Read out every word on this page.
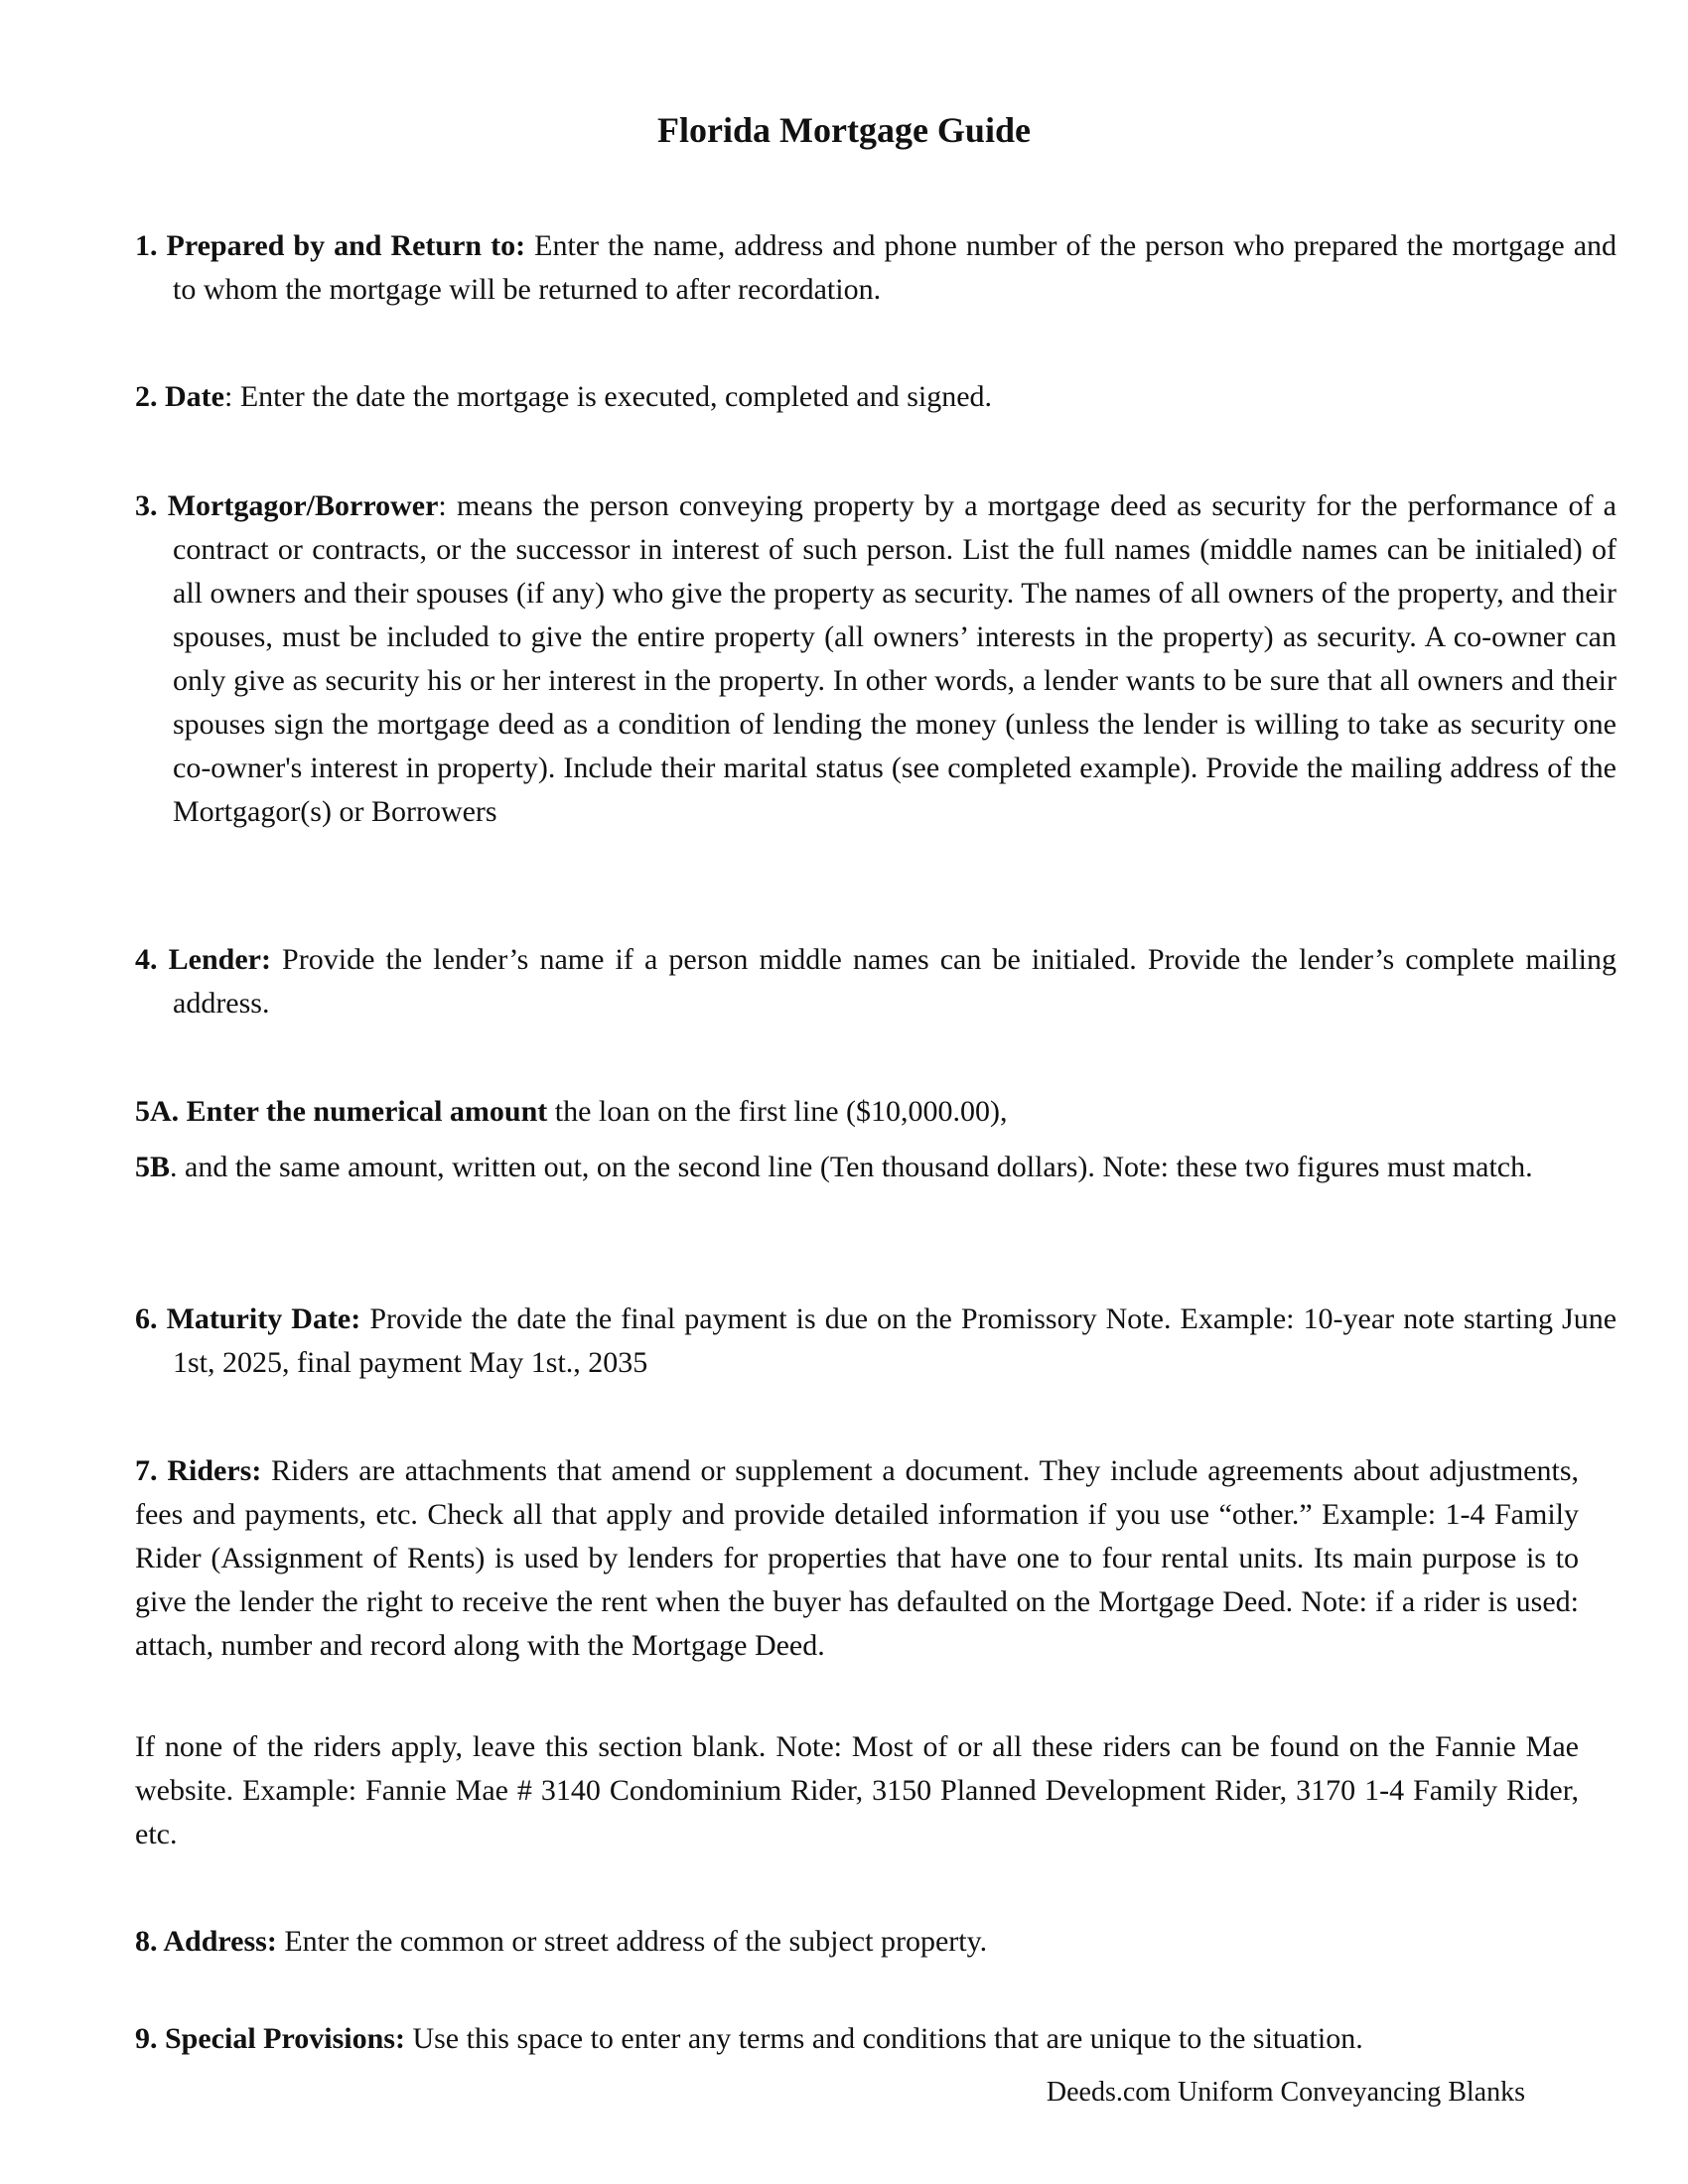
Florida Mortgage Guide

1. Prepared by and Return to: Enter the name, address and phone number of the person who prepared the mortgage and to whom the mortgage will be returned to after recordation.

2. Date: Enter the date the mortgage is executed, completed and signed.

3. Mortgagor/Borrower: means the person conveying property by a mortgage deed as security for the performance of a contract or contracts, or the successor in interest of such person. List the full names (middle names can be initialed) of all owners and their spouses (if any) who give the property as security. The names of all owners of the property, and their spouses, must be included to give the entire property (all owners’ interests in the property) as security. A co-owner can only give as security his or her interest in the property. In other words, a lender wants to be sure that all owners and their spouses sign the mortgage deed as a condition of lending the money (unless the lender is willing to take as security one co-owner's interest in property). Include their marital status (see completed example). Provide the mailing address of the Mortgagor(s) or Borrowers

4. Lender: Provide the lender’s name if a person middle names can be initialed. Provide the lender’s complete mailing address.

5A. Enter the numerical amount the loan on the first line ($10,000.00),

5B. and the same amount, written out, on the second line (Ten thousand dollars). Note: these two figures must match.

6. Maturity Date: Provide the date the final payment is due on the Promissory Note. Example: 10-year note starting June 1st, 2025, final payment May 1st., 2035

7. Riders: Riders are attachments that amend or supplement a document. They include agreements about adjustments, fees and payments, etc. Check all that apply and provide detailed information if you use “other.” Example: 1-4 Family Rider (Assignment of Rents) is used by lenders for properties that have one to four rental units. Its main purpose is to give the lender the right to receive the rent when the buyer has defaulted on the Mortgage Deed. Note: if a rider is used: attach, number and record along with the Mortgage Deed.

If none of the riders apply, leave this section blank. Note: Most of or all these riders can be found on the Fannie Mae website. Example: Fannie Mae # 3140 Condominium Rider, 3150 Planned Development Rider, 3170 1-4 Family Rider, etc.

8. Address: Enter the common or street address of the subject property.

9. Special Provisions: Use this space to enter any terms and conditions that are unique to the situation.

Deeds.com Uniform Conveyancing Blanks
